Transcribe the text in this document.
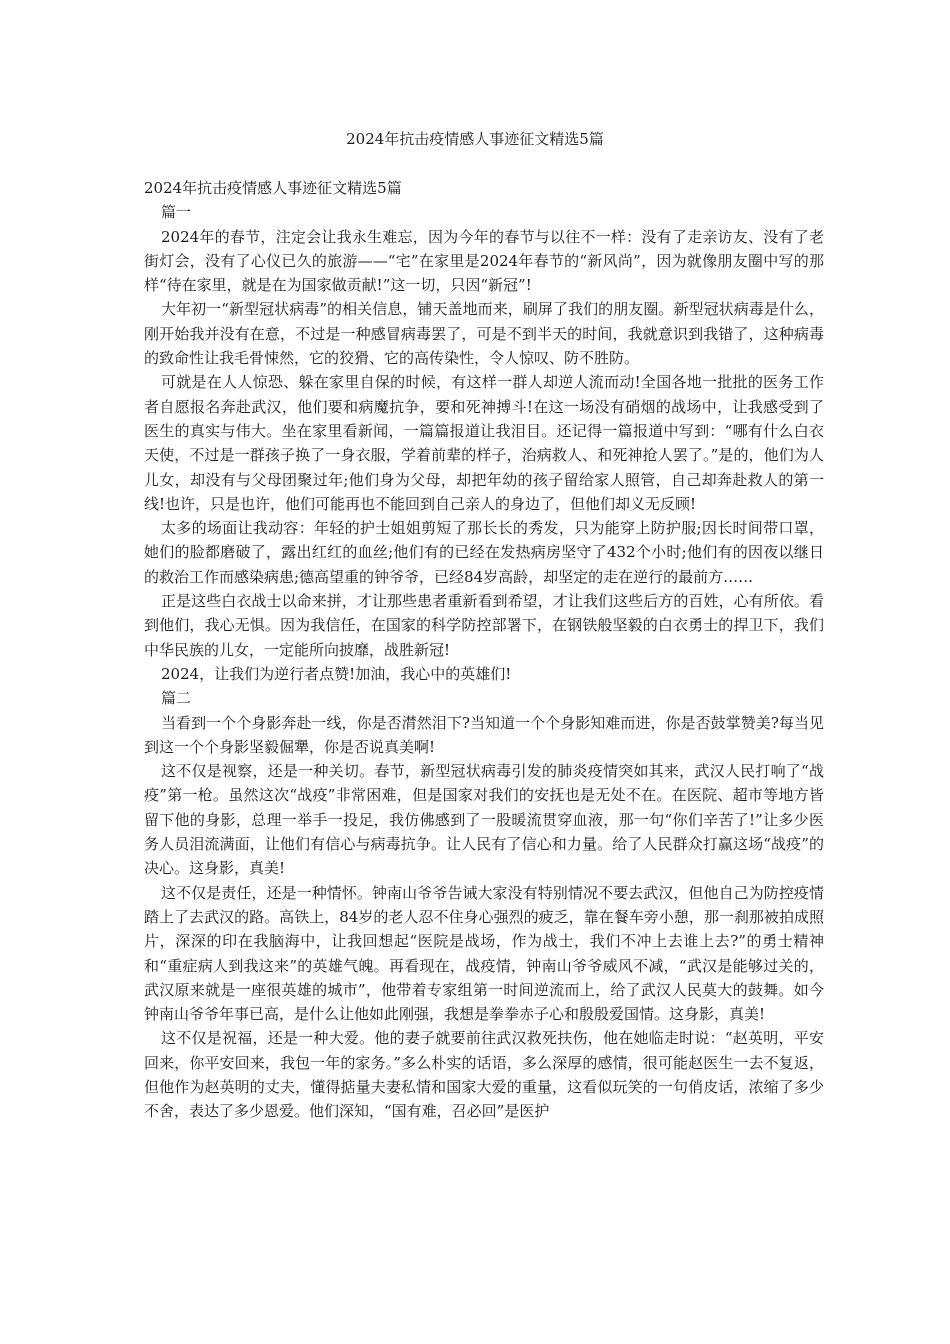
2024年抗击疫情感人事迹征文精选5篇

2024年抗击疫情感人事迹征文精选5篇

篇一

2024年的春节，注定会让我永生难忘，因为今年的春节与以往不一样：没有了走亲访友、没有了老街灯会，没有了心仪已久的旅游——“宅”在家里是2024年春节的“新风尚”，因为就像朋友圈中写的那样“待在家里，就是在为国家做贡献!”这一切，只因“新冠”!

大年初一“新型冠状病毒”的相关信息，铺天盖地而来，刷屏了我们的朋友圈。新型冠状病毒是什么，刚开始我并没有在意，不过是一种感冒病毒罢了，可是不到半天的时间，我就意识到我错了，这种病毒的致命性让我毛骨悚然，它的狡猾、它的高传染性，令人惊叹、防不胜防。

可就是在人人惊恐、躲在家里自保的时候，有这样一群人却逆人流而动!全国各地一批批的医务工作者自愿报名奔赴武汉，他们要和病魔抗争，要和死神搏斗!在这一场没有硝烟的战场中，让我感受到了医生的真实与伟大。坐在家里看新闻，一篇篇报道让我泪目。还记得一篇报道中写到：“哪有什么白衣天使，不过是一群孩子换了一身衣服，学着前辈的样子，治病救人、和死神抢人罢了。”是的，他们为人儿女，却没有与父母团聚过年;他们身为父母，却把年幼的孩子留给家人照管，自己却奔赴救人的第一线!也许，只是也许，他们可能再也不能回到自己亲人的身边了，但他们却义无反顾!

太多的场面让我动容：年轻的护士姐姐剪短了那长长的秀发，只为能穿上防护服;因长时间带口罩，她们的脸都磨破了，露出红红的血丝;他们有的已经在发热病房坚守了432个小时;他们有的因夜以继日的救治工作而感染病患;德高望重的钟爷爷，已经84岁高龄，却坚定的走在逆行的最前方……

正是这些白衣战士以命来拼，才让那些患者重新看到希望，才让我们这些后方的百姓，心有所依。看到他们，我心无惧。因为我信任，在国家的科学防控部署下，在钢铁般坚毅的白衣勇士的捍卫下，我们中华民族的儿女，一定能所向披靡，战胜新冠!

2024，让我们为逆行者点赞!加油，我心中的英雄们!

篇二

当看到一个个身影奔赴一线，你是否潸然泪下?当知道一个个身影知难而进，你是否鼓掌赞美?每当见到这一个个身影坚毅倔犟，你是否说真美啊!

这不仅是视察，还是一种关切。春节，新型冠状病毒引发的肺炎疫情突如其来，武汉人民打响了“战疫”第一枪。虽然这次“战疫”非常困难，但是国家对我们的安抚也是无处不在。在医院、超市等地方皆留下他的身影，总理一举手一投足，我仿佛感到了一股暖流贯穿血液，那一句“你们辛苦了!”让多少医务人员泪流满面，让他们有信心与病毒抗争。让人民有了信心和力量。给了人民群众打赢这场“战疫”的决心。这身影，真美!

这不仅是责任，还是一种情怀。钟南山爷爷告诫大家没有特别情况不要去武汉，但他自己为防控疫情踏上了去武汉的路。高铁上，84岁的老人忍不住身心强烈的疲乏，靠在餐车旁小憩，那一刹那被拍成照片，深深的印在我脑海中，让我回想起“医院是战场，作为战士，我们不冲上去谁上去?”的勇士精神和“重症病人到我这来”的英雄气魄。再看现在，战疫情，钟南山爷爷威风不减，“武汉是能够过关的，武汉原来就是一座很英雄的城市”，他带着专家组第一时间逆流而上，给了武汉人民莫大的鼓舞。如今钟南山爷爷年事已高，是什么让他如此刚强，我想是拳拳赤子心和殷殷爱国情。这身影，真美!

这不仅是祝福，还是一种大爱。他的妻子就要前往武汉救死扶伤，他在她临走时说：“赵英明，平安回来，你平安回来，我包一年的家务。”多么朴实的话语，多么深厚的感情，很可能赵医生一去不复返，但他作为赵英明的丈夫，懂得掂量夫妻私情和国家大爱的重量，这看似玩笑的一句俏皮话，浓缩了多少不舍，表达了多少恩爱。他们深知，“国有难，召必回”是医护
